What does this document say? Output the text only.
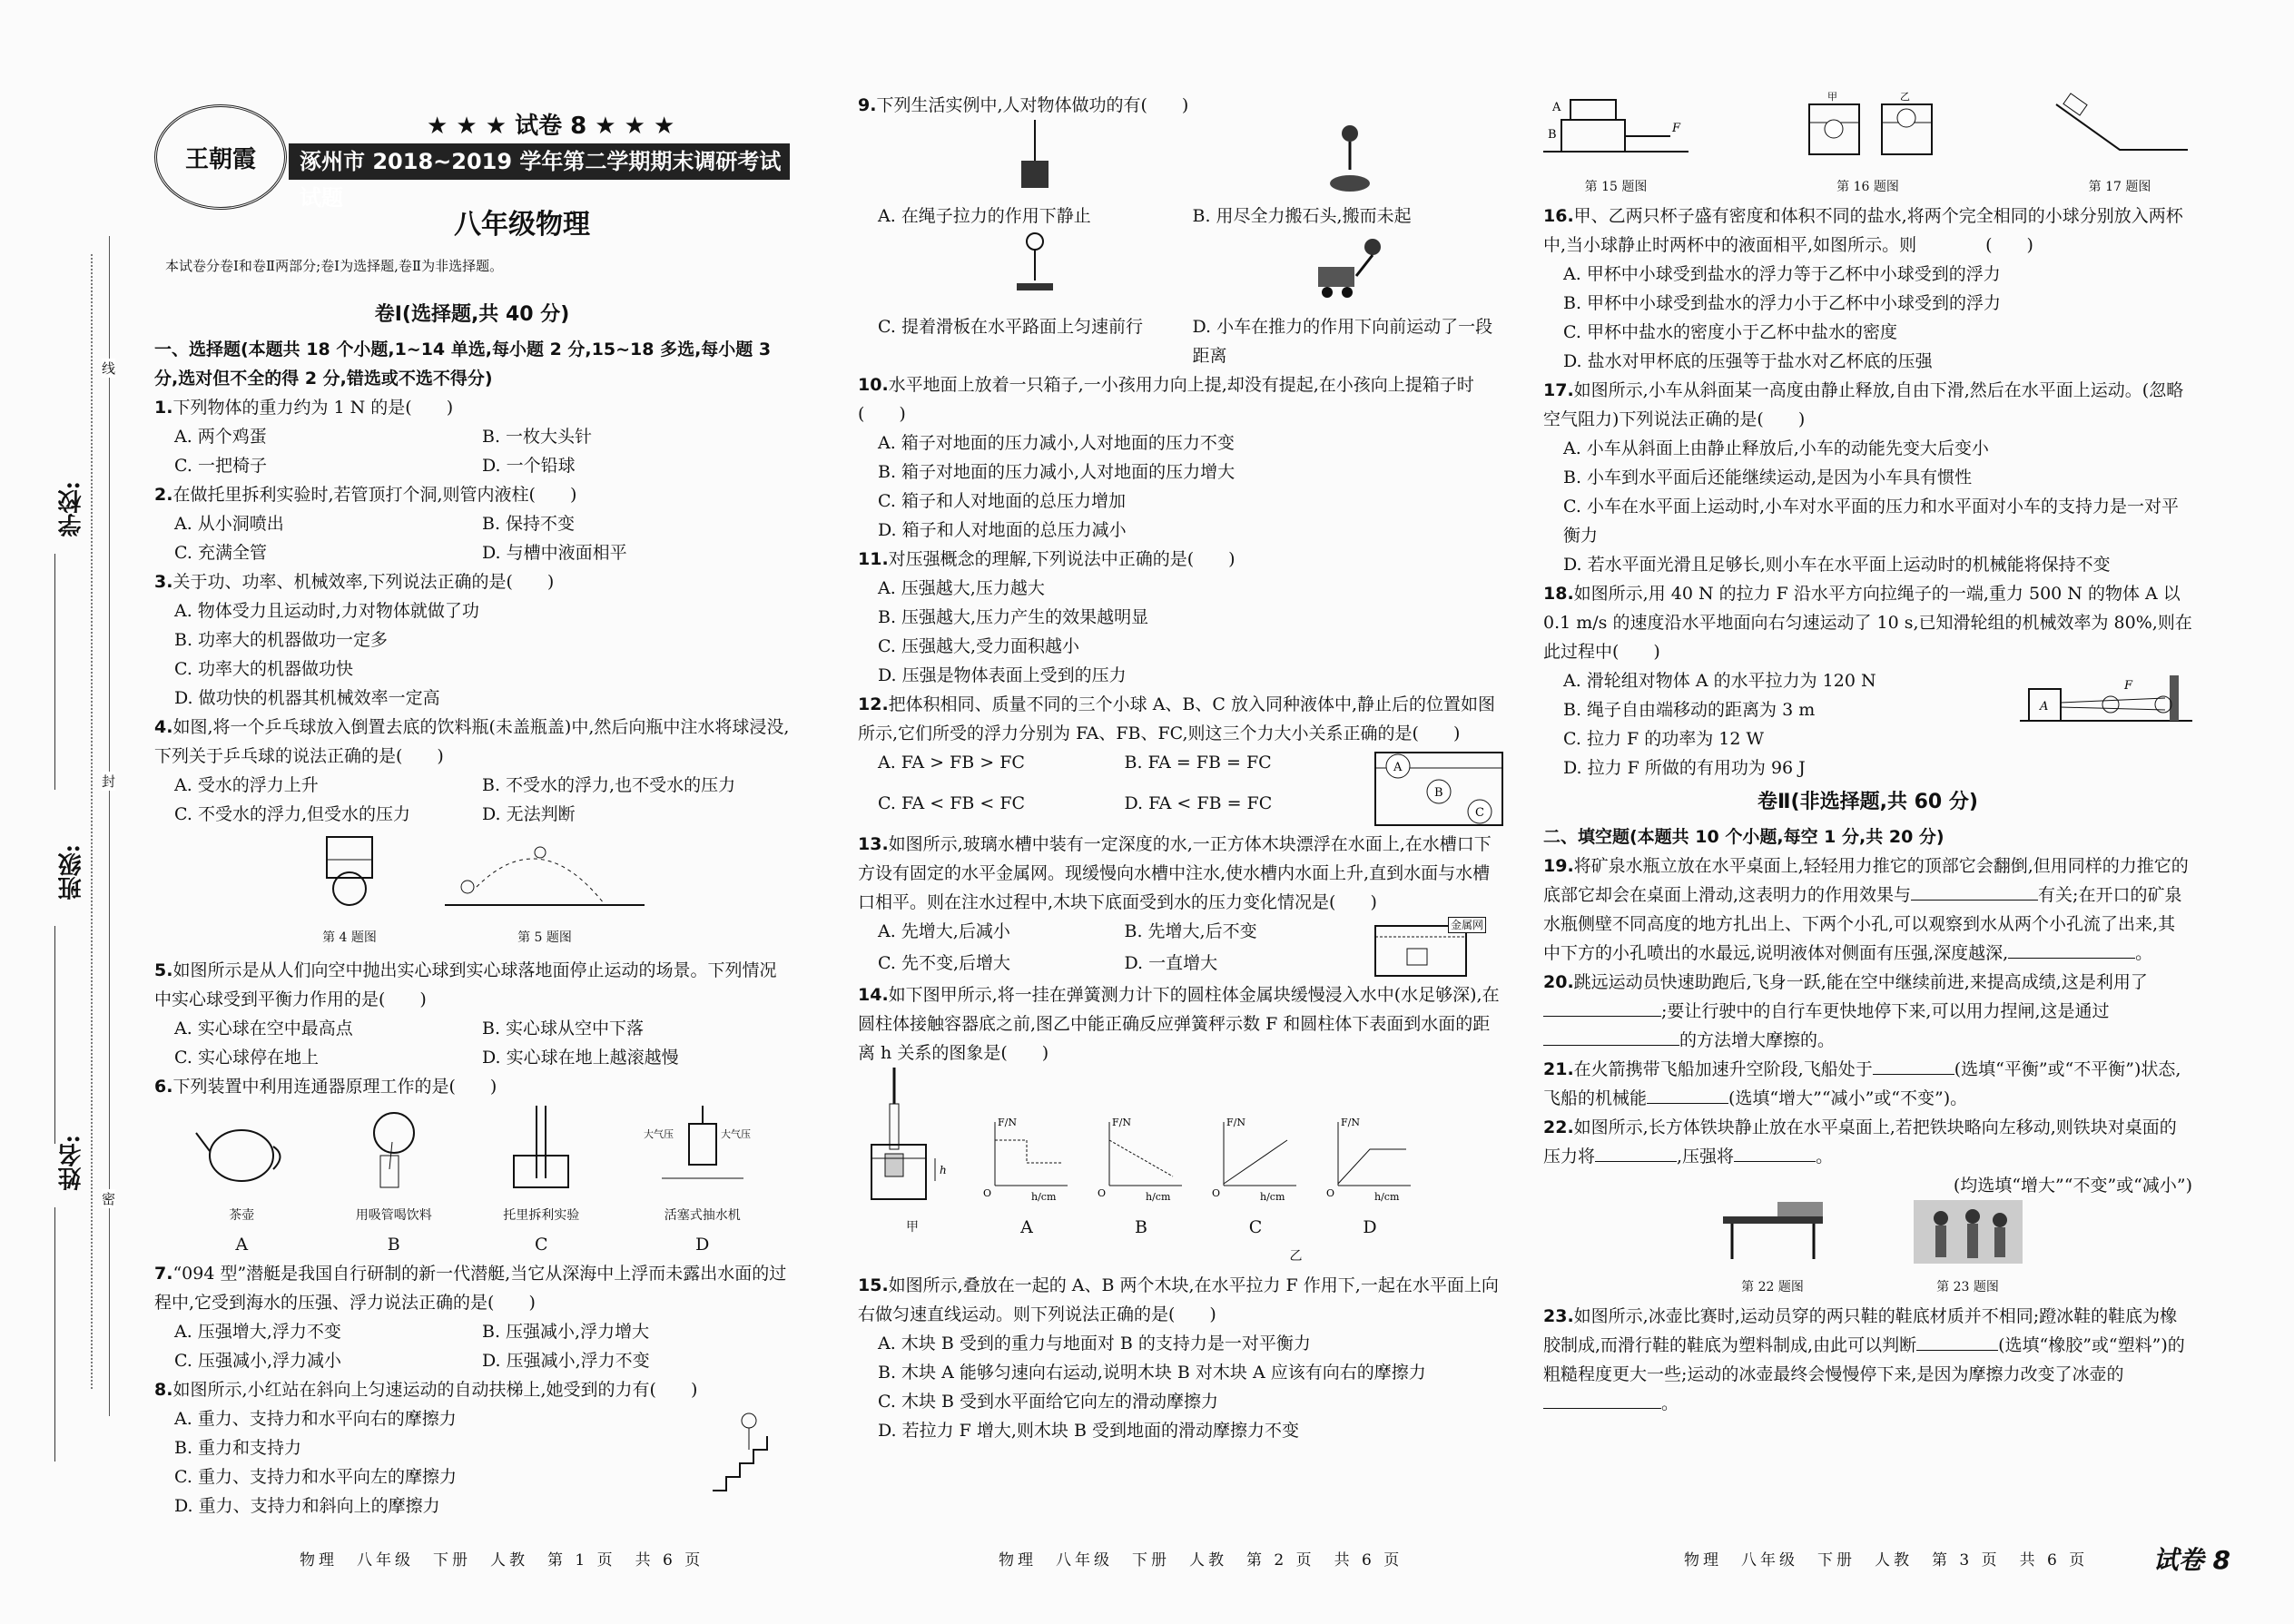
姓名:
班级:
学校:
线
封
密
王朝霞
★ ★ ★ 试卷 8 ★ ★ ★
涿州市 2018~2019 学年第二学期期末调研考试试题
八年级物理
本试卷分卷Ⅰ和卷Ⅱ两部分;卷Ⅰ为选择题,卷Ⅱ为非选择题。
卷Ⅰ(选择题,共 40 分)
一、选择题(本题共 18 个小题,1~14 单选,每小题 2 分,15~18 多选,每小题 3 分,选对但不全的得 2 分,错选或不选不得分)
1.下列物体的重力约为 1 N 的是(　　)
A. 两个鸡蛋	B. 一枚大头针
C. 一把椅子	D. 一个铅球
2.在做托里拆利实验时,若管顶打个洞,则管内液柱(　　)
A. 从小洞喷出	B. 保持不变
C. 充满全管	D. 与槽中液面相平
3.关于功、功率、机械效率,下列说法正确的是(　　)
A. 物体受力且运动时,力对物体就做了功
B. 功率大的机器做功一定多
C. 功率大的机器做功快
D. 做功快的机器其机械效率一定高
4.如图,将一个乒乓球放入倒置去底的饮料瓶(未盖瓶盖)中,然后向瓶中注水将球浸没,下列关于乒乓球的说法正确的是(　　)
A. 受水的浮力上升	B. 不受水的浮力,也不受水的压力
C. 不受水的浮力,但受水的压力	D. 无法判断
第 4 题图	第 5 题图
5.如图所示是从人们向空中抛出实心球到实心球落地面停止运动的场景。下列情况中实心球受到平衡力作用的是(　　)
A. 实心球在空中最高点	B. 实心球从空中下落
C. 实心球停在地上	D. 实心球在地上越滚越慢
6.下列装置中利用连通器原理工作的是(　　)
茶壶
A
用吸管喝饮料
B
托里拆利实验
C
大气压	大气压
活塞式抽水机
D
7.“094 型”潜艇是我国自行研制的新一代潜艇,当它从深海中上浮而未露出水面的过程中,它受到海水的压强、浮力说法正确的是(　　)
A. 压强增大,浮力不变	B. 压强减小,浮力增大
C. 压强减小,浮力减小	D. 压强减小,浮力不变
8.如图所示,小红站在斜向上匀速运动的自动扶梯上,她受到的力有(　　)
A. 重力、支持力和水平向右的摩擦力
B. 重力和支持力
C. 重力、支持力和水平向左的摩擦力
D. 重力、支持力和斜向上的摩擦力
9.下列生活实例中,人对物体做功的有(　　)
A. 在绳子拉力的作用下静止	B. 用尽全力搬石头,搬而未起
C. 提着滑板在水平路面上匀速前行	D. 小车在推力的作用下向前运动了一段距离
10.水平地面上放着一只箱子,一小孩用力向上提,却没有提起,在小孩向上提箱子时(　　)
A. 箱子对地面的压力减小,人对地面的压力不变
B. 箱子对地面的压力减小,人对地面的压力增大
C. 箱子和人对地面的总压力增加
D. 箱子和人对地面的总压力减小
11.对压强概念的理解,下列说法中正确的是(　　)
A. 压强越大,压力越大
B. 压强越大,压力产生的效果越明显
C. 压强越大,受力面积越小
D. 压强是物体表面上受到的压力
12.把体积相同、质量不同的三个小球 A、B、C 放入同种液体中,静止后的位置如图所示,它们所受的浮力分别为 FA、FB、FC,则这三个力大小关系正确的是(　　)
A. FA > FB > FC	B. FA = FB = FC
C. FA < FB < FC	D. FA < FB = FC
A
B
C
13.如图所示,玻璃水槽中装有一定深度的水,一正方体木块漂浮在水面上,在水槽口下方设有固定的水平金属网。现缓慢向水槽中注水,使水槽内水面上升,直到水面与水槽口相平。则在注水过程中,木块下底面受到水的压力变化情况是(　　)
A. 先增大,后减小	B. 先增大,后不变
C. 先不变,后增大	D. 一直增大
金属网
14.如下图甲所示,将一挂在弹簧测力计下的圆柱体金属块缓慢浸入水中(水足够深),在圆柱体接触容器底之前,图乙中能正确反应弹簧秤示数 F 和圆柱体下表面到水面的距离 h 关系的图象是(　　)
h
甲
F/N
h/cm
O
A
F/N
h/cm
O
B
F/N
h/cm
O
C
F/N
h/cm
O
D
乙
15.如图所示,叠放在一起的 A、B 两个木块,在水平拉力 F 作用下,一起在水平面上向右做匀速直线运动。则下列说法正确的是(　　)
A. 木块 B 受到的重力与地面对 B 的支持力是一对平衡力
B. 木块 A 能够匀速向右运动,说明木块 B 对木块 A 应该有向右的摩擦力
C. 木块 B 受到水平面给它向左的滑动摩擦力
D. 若拉力 F 增大,则木块 B 受到地面的滑动摩擦力不变
A
B	F
第 15 题图
甲	乙
第 16 题图	第 17 题图
16.甲、乙两只杯子盛有密度和体积不同的盐水,将两个完全相同的小球分别放入两杯中,当小球静止时两杯中的液面相平,如图所示。则　　　　(　　)
A. 甲杯中小球受到盐水的浮力等于乙杯中小球受到的浮力
B. 甲杯中小球受到盐水的浮力小于乙杯中小球受到的浮力
C. 甲杯中盐水的密度小于乙杯中盐水的密度
D. 盐水对甲杯底的压强等于盐水对乙杯底的压强
17.如图所示,小车从斜面某一高度由静止释放,自由下滑,然后在水平面上运动。(忽略空气阻力)下列说法正确的是(　　)
A. 小车从斜面上由静止释放后,小车的动能先变大后变小
B. 小车到水平面后还能继续运动,是因为小车具有惯性
C. 小车在水平面上运动时,小车对水平面的压力和水平面对小车的支持力是一对平衡力
D. 若水平面光滑且足够长,则小车在水平面上运动时的机械能将保持不变
18.如图所示,用 40 N 的拉力 F 沿水平方向拉绳子的一端,重力 500 N 的物体 A 以 0.1 m/s 的速度沿水平地面向右匀速运动了 10 s,已知滑轮组的机械效率为 80%,则在此过程中(　　)
A. 滑轮组对物体 A 的水平拉力为 120 N
B. 绳子自由端移动的距离为 3 m
C. 拉力 F 的功率为 12 W
D. 拉力 F 所做的有用功为 96 J
A
F
卷Ⅱ(非选择题,共 60 分)
二、填空题(本题共 10 个小题,每空 1 分,共 20 分)
19.将矿泉水瓶立放在水平桌面上,轻轻用力推它的顶部它会翻倒,但用同样的力推它的底部它却会在桌面上滑动,这表明力的作用效果与	有关;在开口的矿泉水瓶侧壁不同高度的地方扎出上、下两个小孔,可以观察到水从两个小孔流了出来,其中下方的小孔喷出的水最远,说明液体对侧面有压强,深度越深,	。
20.跳远运动员快速助跑后,飞身一跃,能在空中继续前进,来提高成绩,这是利用了;要让行驶中的自行车更快地停下来,可以用力捏闸,这是通过的方法增大摩擦的。
21.在火箭携带飞船加速升空阶段,飞船处于	(选填“平衡”或“不平衡”)状态,飞船的机械能	(选填“增大”“减小”或“不变”)。
22.如图所示,长方体铁块静止放在水平桌面上,若把铁块略向左移动,则铁块对桌面的压力将	,压强将	。
(均选填“增大”“不变”或“减小”)
第 22 题图	第 23 题图
23.如图所示,冰壶比赛时,运动员穿的两只鞋的鞋底材质并不相同;蹬冰鞋的鞋底为橡胶制成,而滑行鞋的鞋底为塑料制成,由此可以判断	(选填“橡胶”或“塑料”)的粗糙程度更大一些;运动的冰壶最终会慢慢停下来,是因为摩擦力改变了冰壶的。
物理　八年级　下册　人教　第 1 页　共 6 页	物理　八年级　下册　人教　第 2 页　共 6 页	物理　八年级　下册　人教　第 3 页　共 6 页	试卷 8
